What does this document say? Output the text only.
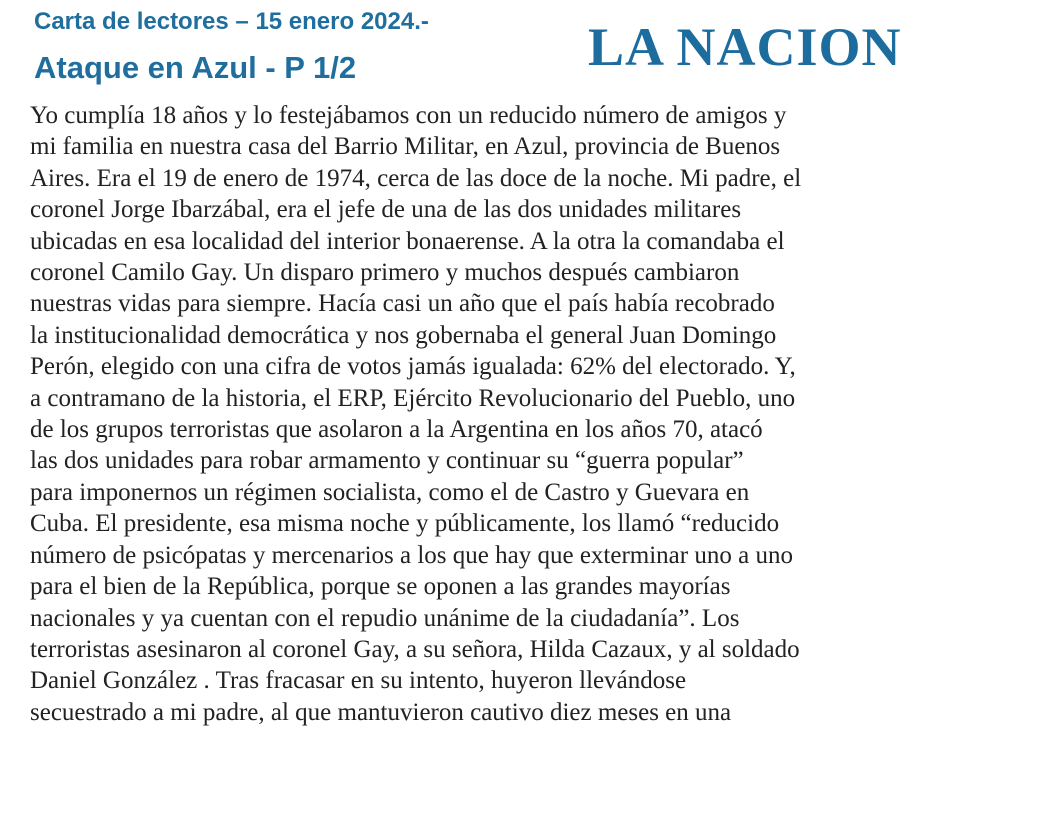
Carta de lectores – 15 enero 2024.-
Ataque en Azul - P 1/2	LA NACION
Yo cumplía 18 años y lo festejábamos con un reducido número de amigos y
mi familia en nuestra casa del Barrio Militar, en Azul, provincia de Buenos
Aires. Era el 19 de enero de 1974, cerca de las doce de la noche. Mi padre, el
coronel Jorge Ibarzábal, era el jefe de una de las dos unidades militares
ubicadas en esa localidad del interior bonaerense. A la otra la comandaba el
coronel Camilo Gay. Un disparo primero y muchos después cambiaron
nuestras vidas para siempre. Hacía casi un año que el país había recobrado
la institucionalidad democrática y nos gobernaba el general Juan Domingo
Perón, elegido con una cifra de votos jamás igualada: 62% del electorado. Y,
a contramano de la historia, el ERP, Ejército Revolucionario del Pueblo, uno
de los grupos terroristas que asolaron a la Argentina en los años 70, atacó
las dos unidades para robar armamento y continuar su “guerra popular”
para imponernos un régimen socialista, como el de Castro y Guevara en
Cuba. El presidente, esa misma noche y públicamente, los llamó “reducido
número de psicópatas y mercenarios a los que hay que exterminar uno a uno
para el bien de la República, porque se oponen a las grandes mayorías
nacionales y ya cuentan con el repudio unánime de la ciudadanía”. Los
terroristas asesinaron al coronel Gay, a su señora, Hilda Cazaux, y al soldado
Daniel González . Tras fracasar en su intento, huyeron llevándose
secuestrado a mi padre, al que mantuvieron cautivo diez meses en una
